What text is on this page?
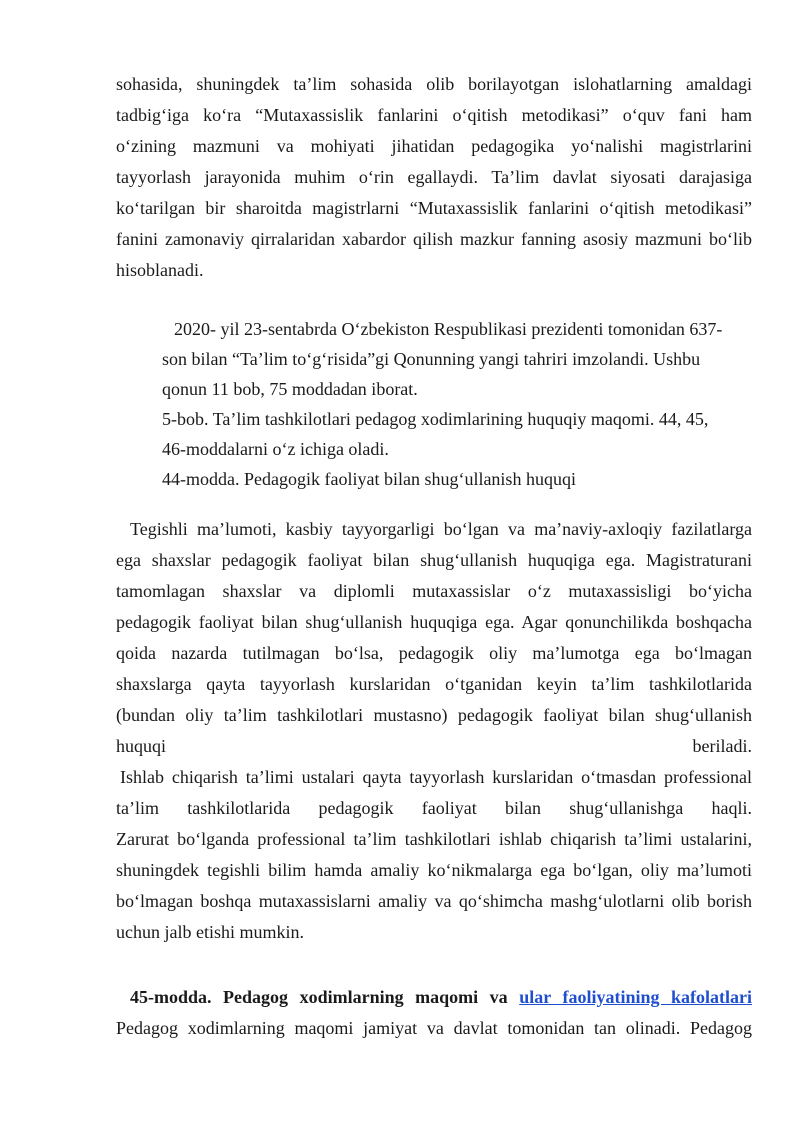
sohasida, shuningdek ta’lim sohasida olib borilayotgan islohatlarning amaldagi
tadbig‘iga ko‘ra “Mutaxassislik fanlarini o‘qitish metodikasi” o‘quv fani ham
o‘zining mazmuni va mohiyati jihatidan pedagogika yo‘nalishi magistrlarini
tayyorlash jarayonida muhim o‘rin egallaydi. Ta’lim davlat siyosati darajasiga
ko‘tarilgan bir sharoitda magistrlarni “Mutaxassislik fanlarini o‘qitish metodikasi”
fanini zamonaviy qirralaridan xabardor qilish mazkur fanning asosiy mazmuni bo‘lib
hisoblanadi.
2020- yil 23-sentabrda O‘zbekiston Respublikasi prezidenti tomonidan 637-
son bilan “Ta’lim to‘g‘risida”gi Qonunning yangi tahriri imzolandi. Ushbu
qonun 11 bob, 75 moddadan iborat.
5-bob. Ta’lim tashkilotlari pedagog xodimlarining huquqiy maqomi. 44, 45,
46-moddalarni o‘z ichiga oladi.
44-modda. Pedagogik faoliyat bilan shug‘ullanish huquqi
Tegishli ma’lumoti, kasbiy tayyorgarligi bo‘lgan va ma’naviy-axloqiy fazilatlarga
ega shaxslar pedagogik faoliyat bilan shug‘ullanish huquqiga ega. Magistraturani
tamomlagan shaxslar va diplomli mutaxassislar o‘z mutaxassisligi bo‘yicha
pedagogik faoliyat bilan shug‘ullanish huquqiga ega. Agar qonunchilikda boshqacha
qoida nazarda tutilmagan bo‘lsa, pedagogik oliy ma’lumotga ega bo‘lmagan
shaxslarga qayta tayyorlash kurslaridan o‘tganidan keyin ta’lim tashkilotlarida
(bundan oliy ta’lim tashkilotlari mustasno) pedagogik faoliyat bilan shug‘ullanish
huquqi	beriladi.
Ishlab chiqarish ta’limi ustalari qayta tayyorlash kurslaridan o‘tmasdan professional
ta’lim tashkilotlarida pedagogik faoliyat bilan shug‘ullanishga haqli.
Zarurat bo‘lganda professional ta’lim tashkilotlari ishlab chiqarish ta’limi ustalarini,
shuningdek tegishli bilim hamda amaliy ko‘nikmalarga ega bo‘lgan, oliy ma’lumoti
bo‘lmagan boshqa mutaxassislarni amaliy va qo‘shimcha mashg‘ulotlarni olib borish
uchun jalb etishi mumkin.
45-modda. Pedagog xodimlarning maqomi va ular faoliyatining kafolatlari
Pedagog xodimlarning maqomi jamiyat va davlat tomonidan tan olinadi. Pedagog
